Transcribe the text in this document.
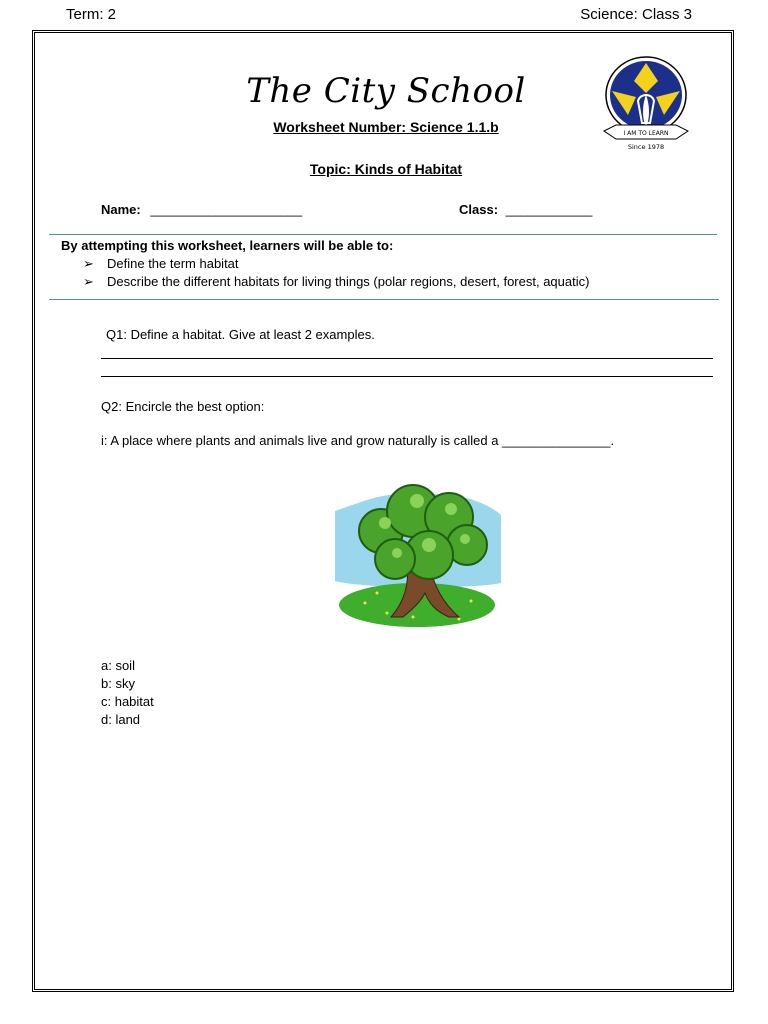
Term: 2	Science: Class 3
The City School
I AM TO LEARN
Since 1978
Worksheet Number: Science 1.1.b
Topic: Kinds of Habitat
Name: _____________________	Class: ____________
By attempting this worksheet, learners will be able to:
➢ Define the term habitat
➢ Describe the different habitats for living things (polar regions, desert, forest, aquatic)
Q1: Define a habitat. Give at least 2 examples.
Q2: Encircle the best option:
i: A place where plants and animals live and grow naturally is called a _______________.
a: soil
b: sky
c: habitat
d: land
